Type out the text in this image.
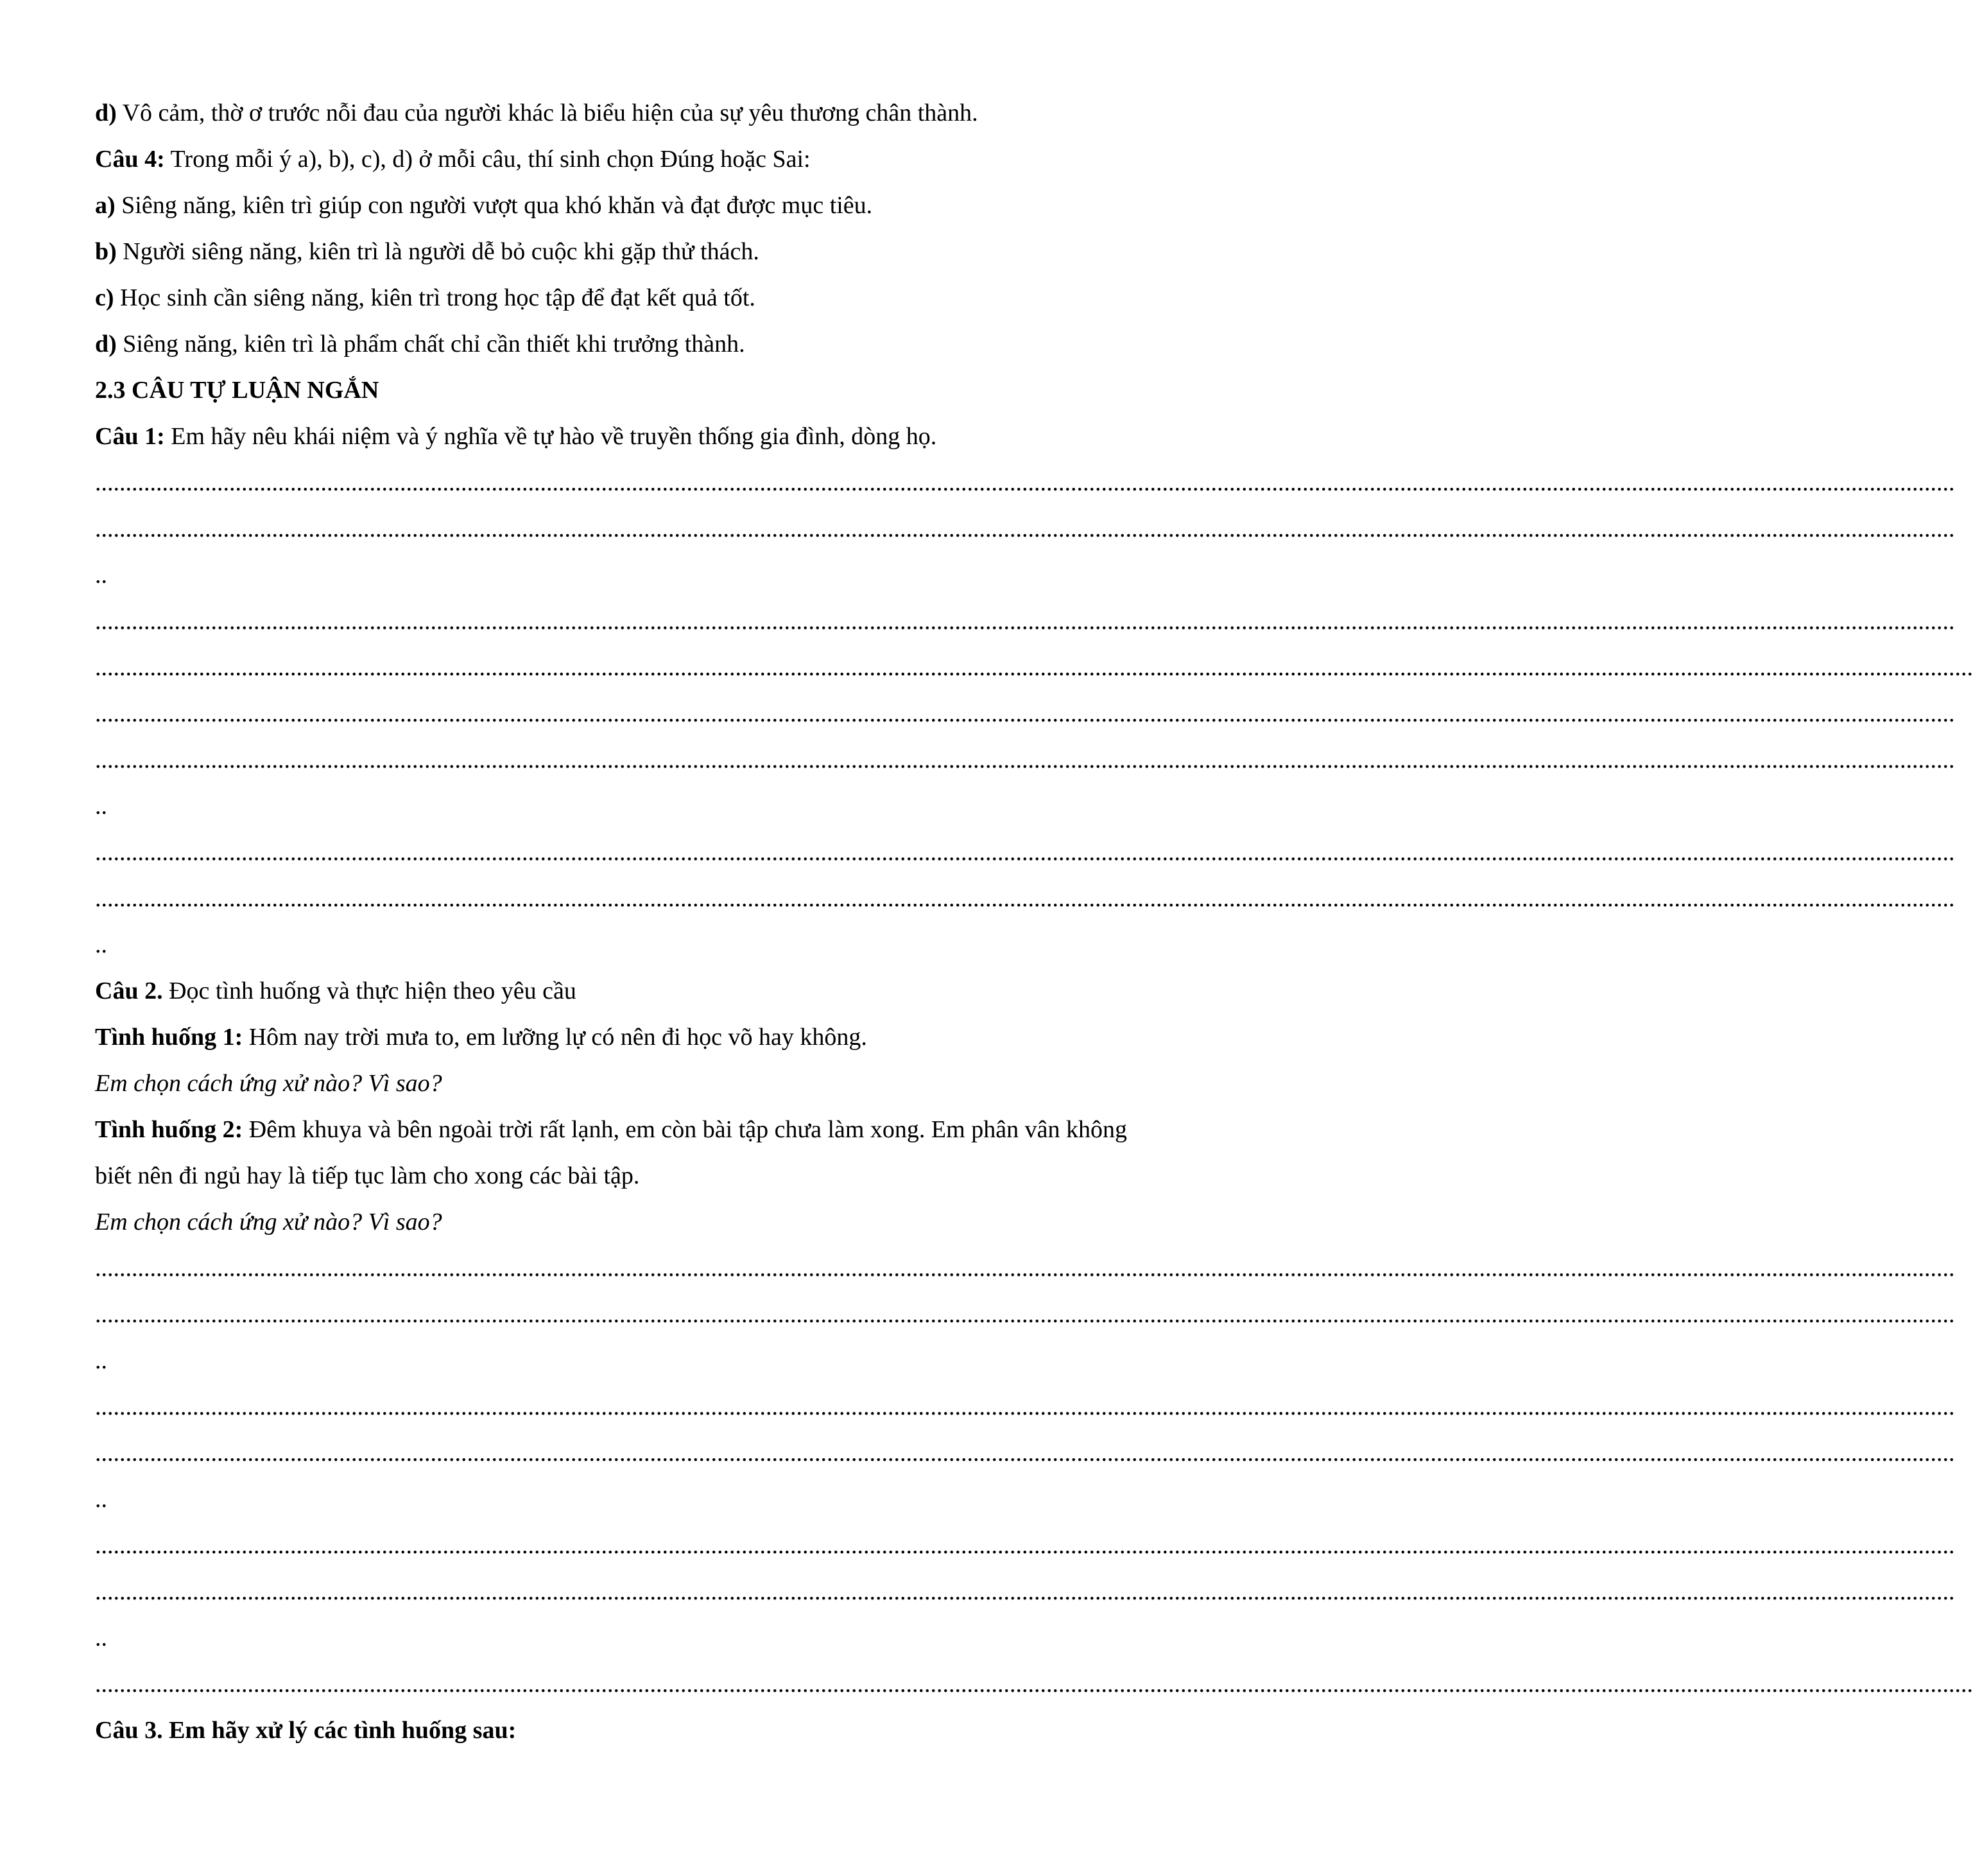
d) Vô cảm, thờ ơ trước nỗi đau của người khác là biểu hiện của sự yêu thương chân thành.
Câu 4: Trong mỗi ý a), b), c), d) ở mỗi câu, thí sinh chọn Đúng hoặc Sai:
a) Siêng năng, kiên trì giúp con người vượt qua khó khăn và đạt được mục tiêu.
b) Người siêng năng, kiên trì là người dễ bỏ cuộc khi gặp thử thách.
c) Học sinh cần siêng năng, kiên trì trong học tập để đạt kết quả tốt.
d) Siêng năng, kiên trì là phẩm chất chỉ cần thiết khi trưởng thành.
2.3 CÂU TỰ LUẬN NGẮN
Câu 1: Em hãy nêu khái niệm và ý nghĩa về tự hào về truyền thống gia đình, dòng họ.
.................................................................................................................................................................................................................................................................................................................
.................................................................................................................................................................................................................................................................................................................
..
.................................................................................................................................................................................................................................................................................................................
....................................................................................................................................................................................................................................................................................................................
.................................................................................................................................................................................................................................................................................................................
.................................................................................................................................................................................................................................................................................................................
..
.................................................................................................................................................................................................................................................................................................................
.................................................................................................................................................................................................................................................................................................................
..
Câu 2. Đọc tình huống và thực hiện theo yêu cầu
Tình huống 1: Hôm nay trời mưa to, em lưỡng lự có nên đi học võ hay không.
Em chọn cách ứng xử nào? Vì sao?
Tình huống 2: Đêm khuya và bên ngoài trời rất lạnh, em còn bài tập chưa làm xong. Em phân vân không
biết nên đi ngủ hay là tiếp tục làm cho xong các bài tập.
Em chọn cách ứng xử nào? Vì sao?
.................................................................................................................................................................................................................................................................................................................
.................................................................................................................................................................................................................................................................................................................
..
.................................................................................................................................................................................................................................................................................................................
.................................................................................................................................................................................................................................................................................................................
..
.................................................................................................................................................................................................................................................................................................................
.................................................................................................................................................................................................................................................................................................................
..
....................................................................................................................................................................................................................................................................................................................
Câu 3. Em hãy xử lý các tình huống sau:
